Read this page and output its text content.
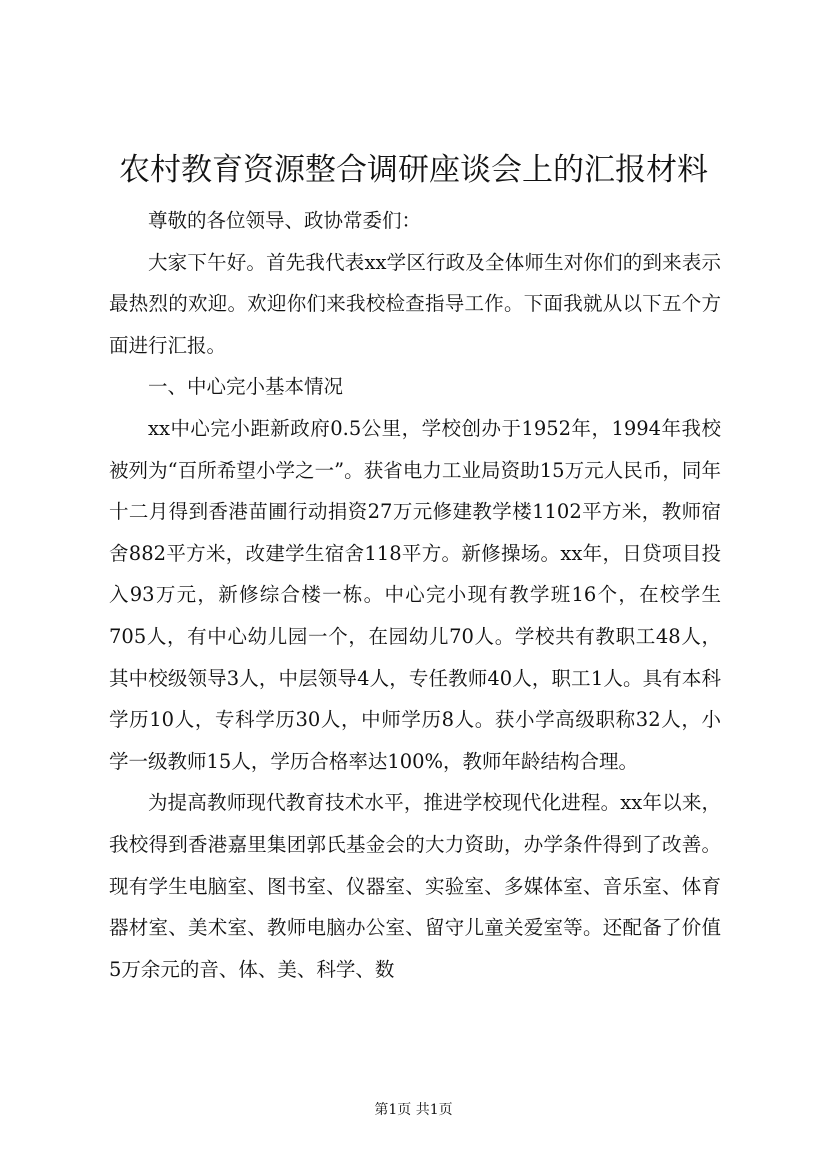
农村教育资源整合调研座谈会上的汇报材料

尊敬的各位领导、政协常委们：

大家下午好。首先我代表xx学区行政及全体师生对你们的到来表示最热烈的欢迎。欢迎你们来我校检查指导工作。下面我就从以下五个方面进行汇报。

一、中心完小基本情况

xx中心完小距新政府0.5公里，学校创办于1952年，1994年我校被列为“百所希望小学之一”。获省电力工业局资助15万元人民币，同年十二月得到香港苗圃行动捐资27万元修建教学楼1102平方米，教师宿舍882平方米，改建学生宿舍118平方。新修操场。xx年，日贷项目投入93万元，新修综合楼一栋。中心完小现有教学班16个，在校学生705人，有中心幼儿园一个，在园幼儿70人。学校共有教职工48人，其中校级领导3人，中层领导4人，专任教师40人，职工1人。具有本科学历10人，专科学历30人，中师学历8人。获小学高级职称32人，小学一级教师15人，学历合格率达100%，教师年龄结构合理。

为提高教师现代教育技术水平，推进学校现代化进程。xx年以来，我校得到香港嘉里集团郭氏基金会的大力资助，办学条件得到了改善。现有学生电脑室、图书室、仪器室、实验室、多媒体室、音乐室、体育器材室、美术室、教师电脑办公室、留守儿童关爱室等。还配备了价值5万余元的音、体、美、科学、数

第1页 共1页
